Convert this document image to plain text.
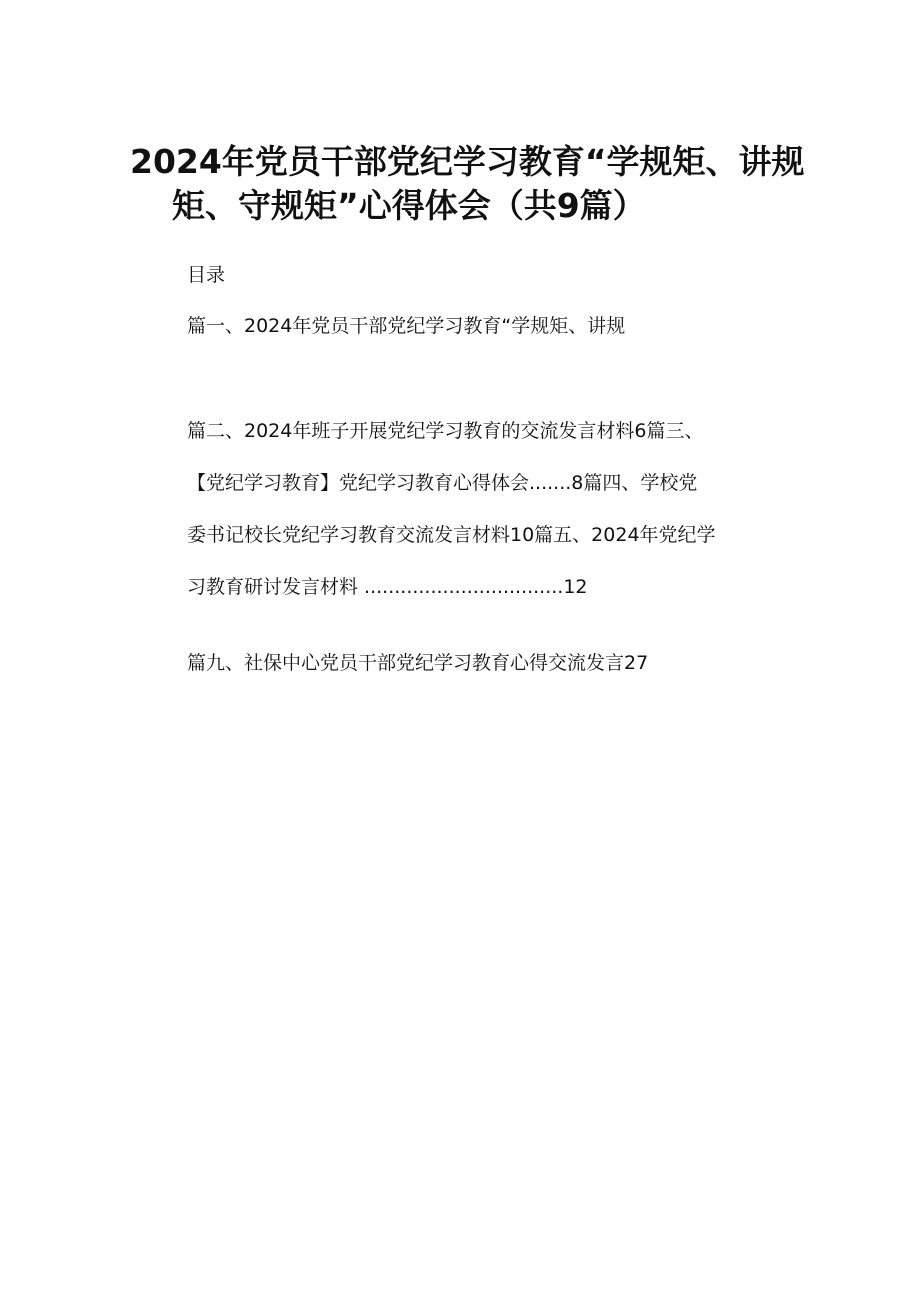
2024年党员干部党纪学习教育“学规矩、讲规
矩、守规矩”心得体会（共9篇）
目录
篇一、2024年党员干部党纪学习教育“学规矩、讲规
篇二、2024年班子开展党纪学习教育的交流发言材料6篇三、
【党纪学习教育】党纪学习教育心得体会.......8篇四、学校党
委书记校长党纪学习教育交流发言材料10篇五、2024年党纪学
习教育研讨发言材料 .................................12
篇九、社保中心党员干部党纪学习教育心得交流发言27
